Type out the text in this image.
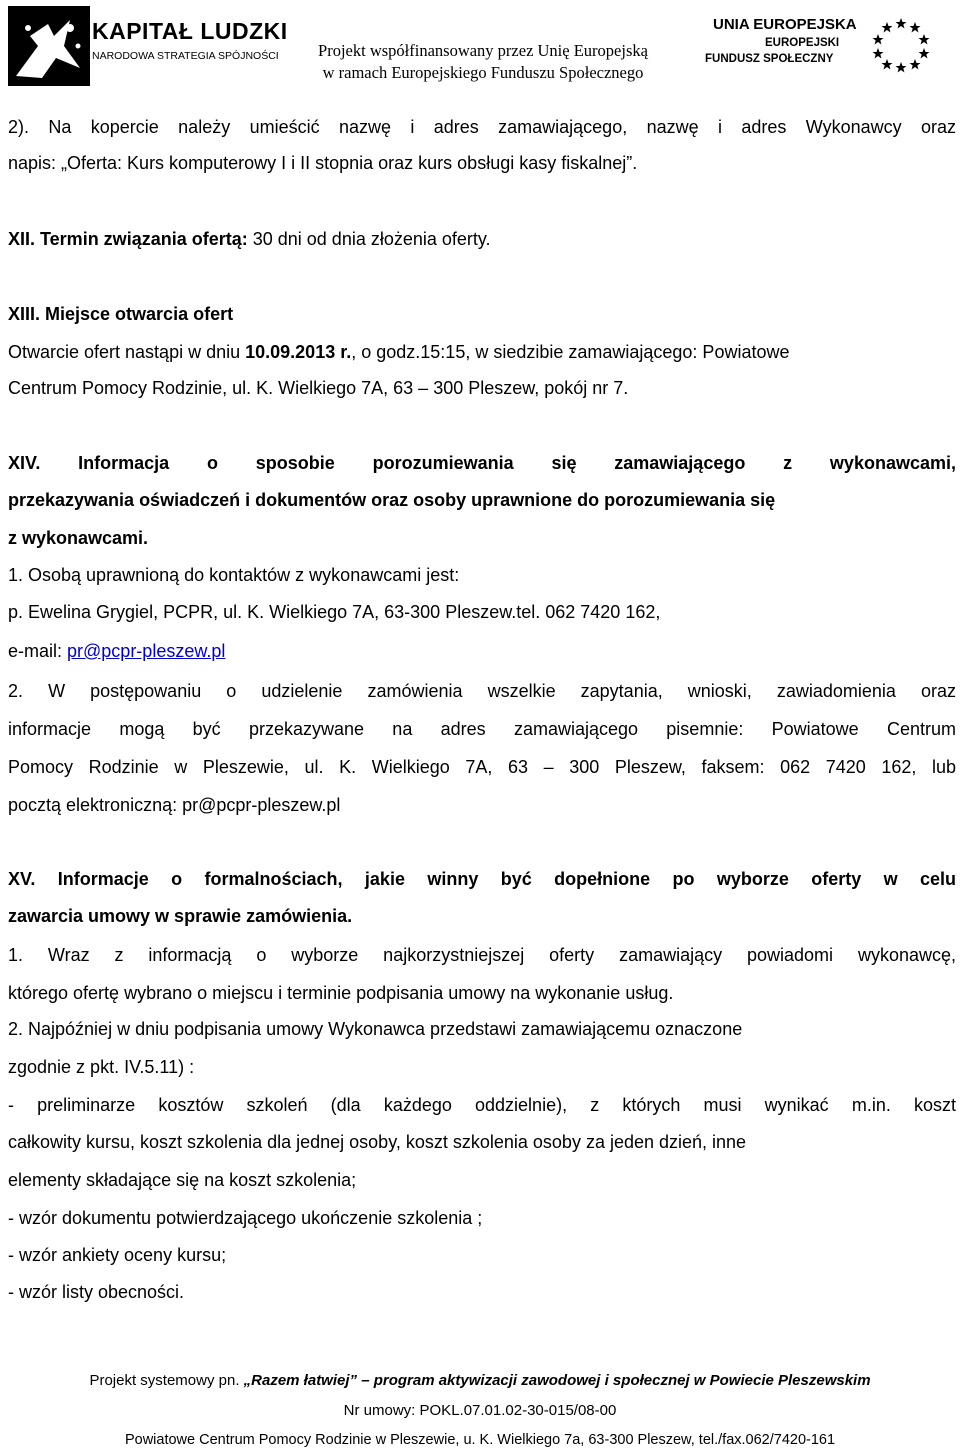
KAPITAŁ LUDZKI
NARODOWA STRATEGIA SPÓJNOŚCI	Projekt współfinansowany przez Unię Europejską
w ramach Europejskiego Funduszu Społecznego
UNIA EUROPEJSKA
EUROPEJSKI
FUNDUSZ SPOŁECZNY
2). Na kopercie należy umieścić nazwę i adres zamawiającego, nazwę i adres Wykonawcy oraz
napis: „Oferta: Kurs komputerowy I i II stopnia oraz kurs obsługi kasy fiskalnej”.
XII. Termin związania ofertą: 30 dni od dnia złożenia oferty.
XIII. Miejsce otwarcia ofert
Otwarcie ofert nastąpi w dniu 10.09.2013 r., o godz.15:15, w siedzibie zamawiającego: Powiatowe
Centrum Pomocy Rodzinie, ul. K. Wielkiego 7A, 63 – 300 Pleszew, pokój nr 7.
XIV. Informacja o sposobie porozumiewania się zamawiającego z wykonawcami,
przekazywania oświadczeń i dokumentów oraz osoby uprawnione do porozumiewania się
z wykonawcami.
1. Osobą uprawnioną do kontaktów z wykonawcami jest:
p. Ewelina Grygiel, PCPR, ul. K. Wielkiego 7A, 63-300 Pleszew.tel. 062 7420 162,
e-mail: pr@pcpr-pleszew.pl
2. W postępowaniu o udzielenie zamówienia wszelkie zapytania, wnioski, zawiadomienia oraz
informacje mogą być przekazywane na adres zamawiającego pisemnie: Powiatowe Centrum
Pomocy Rodzinie w Pleszewie, ul. K. Wielkiego 7A, 63 – 300 Pleszew, faksem: 062 7420 162, lub
pocztą elektroniczną: pr@pcpr-pleszew.pl
XV. Informacje o formalnościach, jakie winny być dopełnione po wyborze oferty w celu
zawarcia umowy w sprawie zamówienia.
1. Wraz z informacją o wyborze najkorzystniejszej oferty zamawiający powiadomi wykonawcę,
którego ofertę wybrano o miejscu i terminie podpisania umowy na wykonanie usług.
2. Najpóźniej w dniu podpisania umowy Wykonawca przedstawi zamawiającemu oznaczone
zgodnie z pkt. IV.5.11) :
- preliminarze kosztów szkoleń (dla każdego oddzielnie), z których musi wynikać m.in. koszt
całkowity kursu, koszt szkolenia dla jednej osoby, koszt szkolenia osoby za jeden dzień, inne
elementy składające się na koszt szkolenia;
- wzór dokumentu potwierdzającego ukończenie szkolenia ;
- wzór ankiety oceny kursu;
- wzór listy obecności.
Projekt systemowy pn. „Razem łatwiej” – program aktywizacji zawodowej i społecznej w Powiecie Pleszewskim
Nr umowy: POKL.07.01.02-30-015/08-00
Powiatowe Centrum Pomocy Rodzinie w Pleszewie, u. K. Wielkiego 7a, 63-300 Pleszew, tel./fax.062/7420-161
